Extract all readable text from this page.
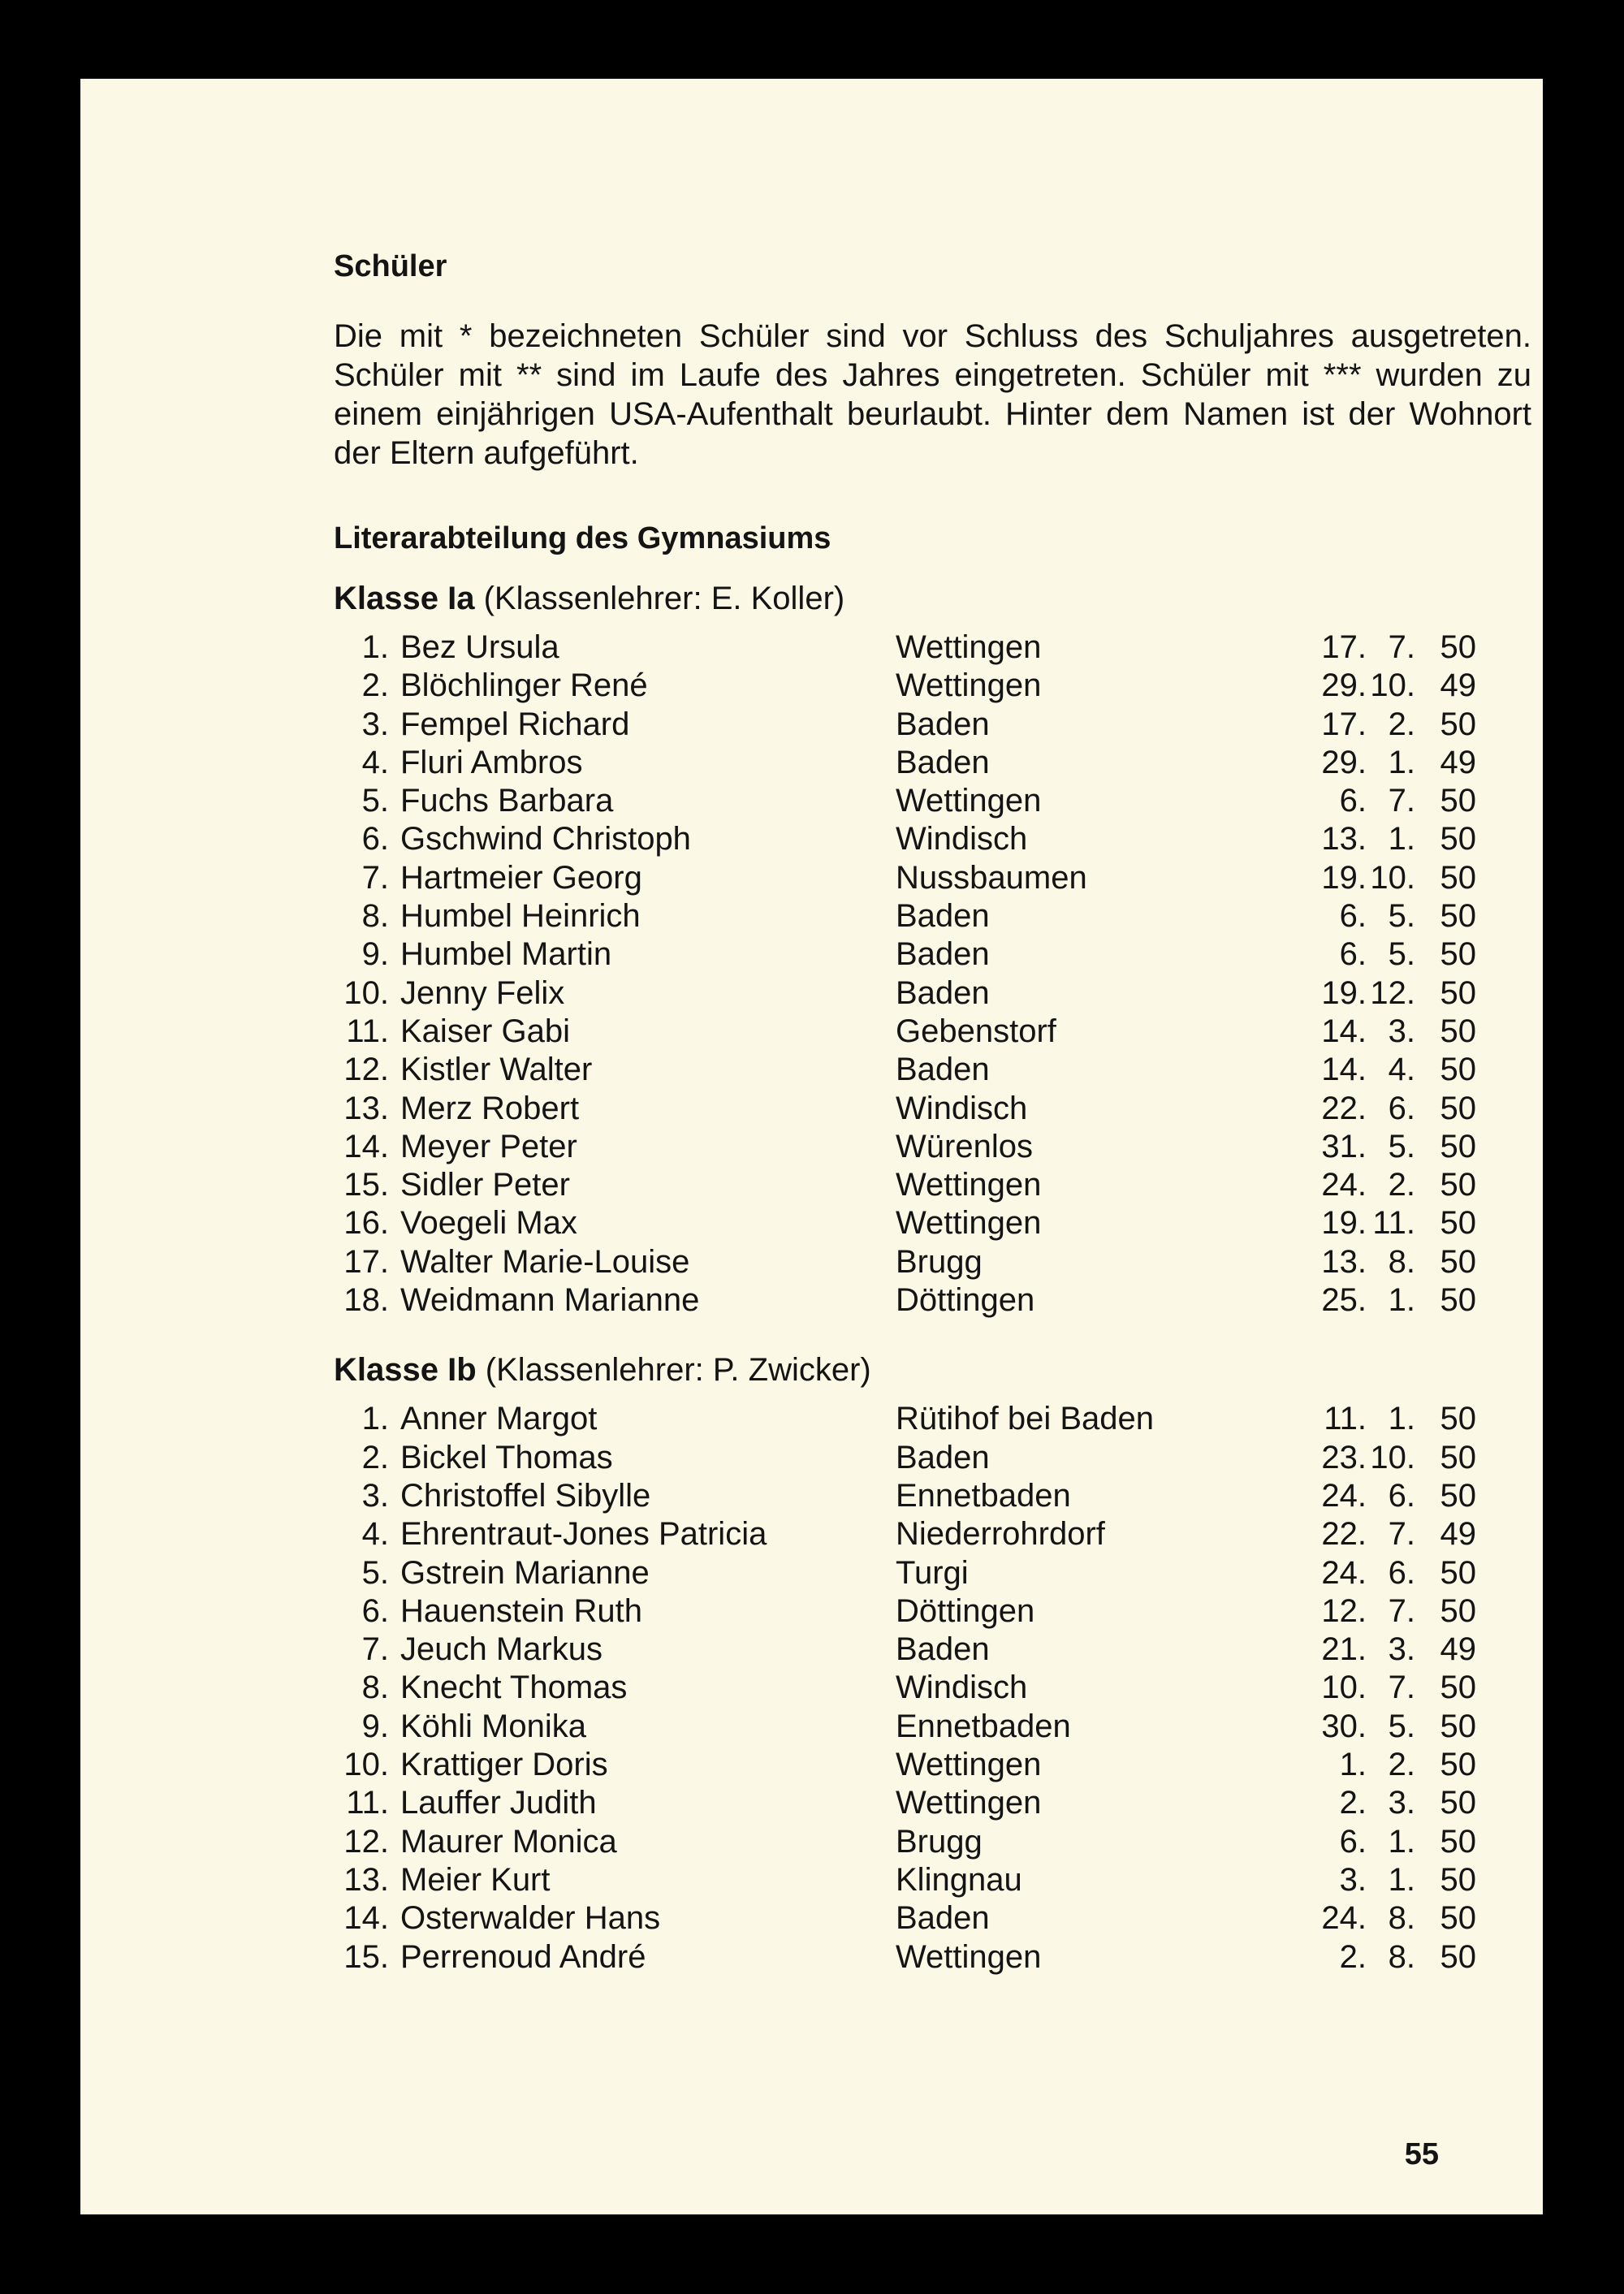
Schüler
Die mit * bezeichneten Schüler sind vor Schluss des Schuljahres ausgetreten. Schüler mit ** sind im Laufe des Jahres eingetreten. Schüler mit *** wurden zu einem einjährigen USA-Aufenthalt beurlaubt. Hinter dem Namen ist der Wohnort der Eltern aufgeführt.
Literarabteilung des Gymnasiums
Klasse Ia (Klassenlehrer: E. Koller)
1. Bez Ursula	Wettingen	17. 7. 50
2. Blöchlinger René	Wettingen	29. 10. 49
3. Fempel Richard	Baden	17. 2. 50
4. Fluri Ambros	Baden	29. 1. 49
5. Fuchs Barbara	Wettingen	6. 7. 50
6. Gschwind Christoph	Windisch	13. 1. 50
7. Hartmeier Georg	Nussbaumen	19. 10. 50
8. Humbel Heinrich	Baden	6. 5. 50
9. Humbel Martin	Baden	6. 5. 50
10. Jenny Felix	Baden	19. 12. 50
11. Kaiser Gabi	Gebenstorf	14. 3. 50
12. Kistler Walter	Baden	14. 4. 50
13. Merz Robert	Windisch	22. 6. 50
14. Meyer Peter	Würenlos	31. 5. 50
15. Sidler Peter	Wettingen	24. 2. 50
16. Voegeli Max	Wettingen	19. 11. 50
17. Walter Marie-Louise	Brugg	13. 8. 50
18. Weidmann Marianne	Döttingen	25. 1. 50
Klasse Ib (Klassenlehrer: P. Zwicker)
1. Anner Margot	Rütihof bei Baden	11. 1. 50
2. Bickel Thomas	Baden	23. 10. 50
3. Christoffel Sibylle	Ennetbaden	24. 6. 50
4. Ehrentraut-Jones Patricia	Niederrohrdorf	22. 7. 49
5. Gstrein Marianne	Turgi	24. 6. 50
6. Hauenstein Ruth	Döttingen	12. 7. 50
7. Jeuch Markus	Baden	21. 3. 49
8. Knecht Thomas	Windisch	10. 7. 50
9. Köhli Monika	Ennetbaden	30. 5. 50
10. Krattiger Doris	Wettingen	1. 2. 50
11. Lauffer Judith	Wettingen	2. 3. 50
12. Maurer Monica	Brugg	6. 1. 50
13. Meier Kurt	Klingnau	3. 1. 50
14. Osterwalder Hans	Baden	24. 8. 50
15. Perrenoud André	Wettingen	2. 8. 50
55
